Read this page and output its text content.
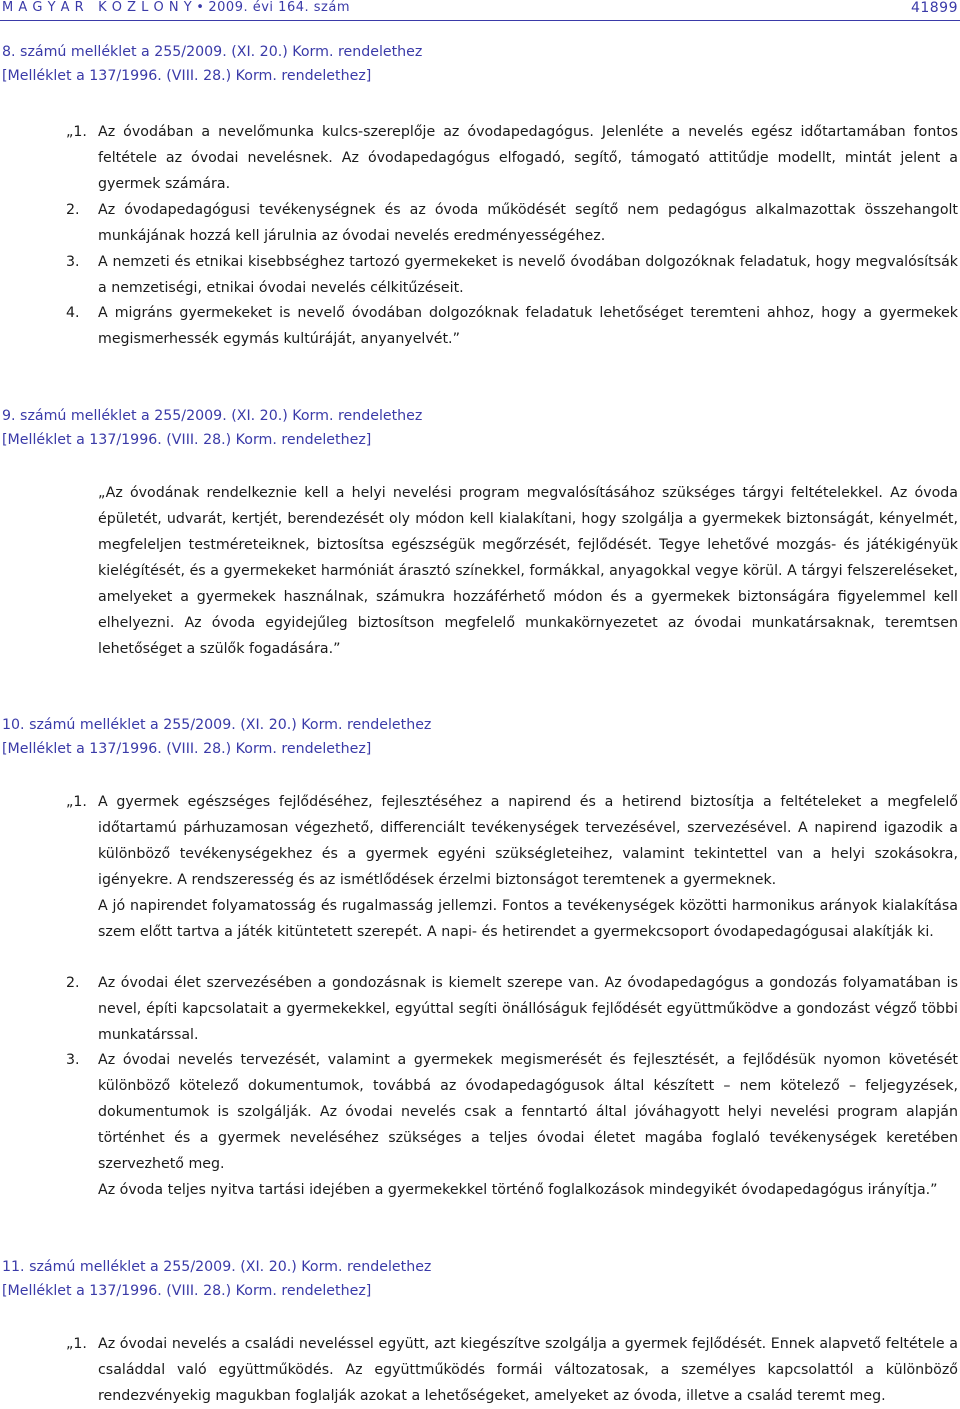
M A G Y A R   K Ö Z L Ö N Y • 2009. évi 164. szám	41899
8. számú melléklet a 255/2009. (XI. 20.) Korm. rendelethez
[Melléklet a 137/1996. (VIII. 28.) Korm. rendelethez]
„1. Az óvodában a nevelőmunka kulcs-szereplője az óvodapedagógus. Jelenléte a nevelés egész időtartamában fontos feltétele az óvodai nevelésnek. Az óvodapedagógus elfogadó, segítő, támogató attitűdje modellt, mintát jelent a gyermek számára.
2.	Az óvodapedagógusi tevékenységnek és az óvoda működését segítő nem pedagógus alkalmazottak összehangolt munkájának hozzá kell járulnia az óvodai nevelés eredményességéhez.
3.	A nemzeti és etnikai kisebbséghez tartozó gyermekeket is nevelő óvodában dolgozóknak feladatuk, hogy megvalósítsák a nemzetiségi, etnikai óvodai nevelés célkitűzéseit.
4.	A migráns gyermekeket is nevelő óvodában dolgozóknak feladatuk lehetőséget teremteni ahhoz, hogy a gyermekek megismerhessék egymás kultúráját, anyanyelvét.”
9. számú melléklet a 255/2009. (XI. 20.) Korm. rendelethez
[Melléklet a 137/1996. (VIII. 28.) Korm. rendelethez]
„Az óvodának rendelkeznie kell a helyi nevelési program megvalósításához szükséges tárgyi feltételekkel. Az óvoda épületét, udvarát, kertjét, berendezését oly módon kell kialakítani, hogy szolgálja a gyermekek biztonságát, kényelmét, megfeleljen testméreteiknek, biztosítsa egészségük megőrzését, fejlődését. Tegye lehetővé mozgás- és játékigényük kielégítését, és a gyermekeket harmóniát árasztó színekkel, formákkal, anyagokkal vegye körül. A tárgyi felszereléseket, amelyeket a gyermekek használnak, számukra hozzáférhető módon és a gyermekek biztonságára figyelemmel kell elhelyezni. Az óvoda egyidejűleg biztosítson megfelelő munkakörnyezetet az óvodai munkatársaknak, teremtsen lehetőséget a szülők fogadására.”
10. számú melléklet a 255/2009. (XI. 20.) Korm. rendelethez
[Melléklet a 137/1996. (VIII. 28.) Korm. rendelethez]
„1. A gyermek egészséges fejlődéséhez, fejlesztéséhez a napirend és a hetirend biztosítja a feltételeket a megfelelő időtartamú párhuzamosan végezhető, differenciált tevékenységek tervezésével, szervezésével. A napirend igazodik a különböző tevékenységekhez és a gyermek egyéni szükségleteihez, valamint tekintettel van a helyi szokásokra, igényekre. A rendszeresség és az ismétlődések érzelmi biztonságot teremtenek a gyermeknek.

A jó napirendet folyamatosság és rugalmasság jellemzi. Fontos a tevékenységek közötti harmonikus arányok kialakítása szem előtt tartva a játék kitüntetett szerepét. A napi- és hetirendet a gyermekcsoport óvodapedagógusai alakítják ki.

2.	Az óvodai élet szervezésében a gondozásnak is kiemelt szerepe van. Az óvodapedagógus a gondozás folyamatában is nevel, építi kapcsolatait a gyermekekkel, egyúttal segíti önállóságuk fejlődését együttműködve a gondozást végző többi munkatárssal.
3.	Az óvodai nevelés tervezését, valamint a gyermekek megismerését és fejlesztését, a fejlődésük nyomon követését különböző kötelező dokumentumok, továbbá az óvodapedagógusok által készített – nem kötelező – feljegyzések, dokumentumok is szolgálják. Az óvodai nevelés csak a fenntartó által jóváhagyott helyi nevelési program alapján történhet és a gyermek neveléséhez szükséges a teljes óvodai életet magába foglaló tevékenységek keretében szervezhető meg.

Az óvoda teljes nyitva tartási idejében a gyermekekkel történő foglalkozások mindegyikét óvodapedagógus irányítja.”

11. számú melléklet a 255/2009. (XI. 20.) Korm. rendelethez
[Melléklet a 137/1996. (VIII. 28.) Korm. rendelethez]
„1. Az óvodai nevelés a családi neveléssel együtt, azt kiegészítve szolgálja a gyermek fejlődését. Ennek alapvető feltétele a családdal való együttműködés. Az együttműködés formái változatosak, a személyes kapcsolattól a különböző rendezvényekig magukban foglalják azokat a lehetőségeket, amelyeket az óvoda, illetve a család teremt meg.
